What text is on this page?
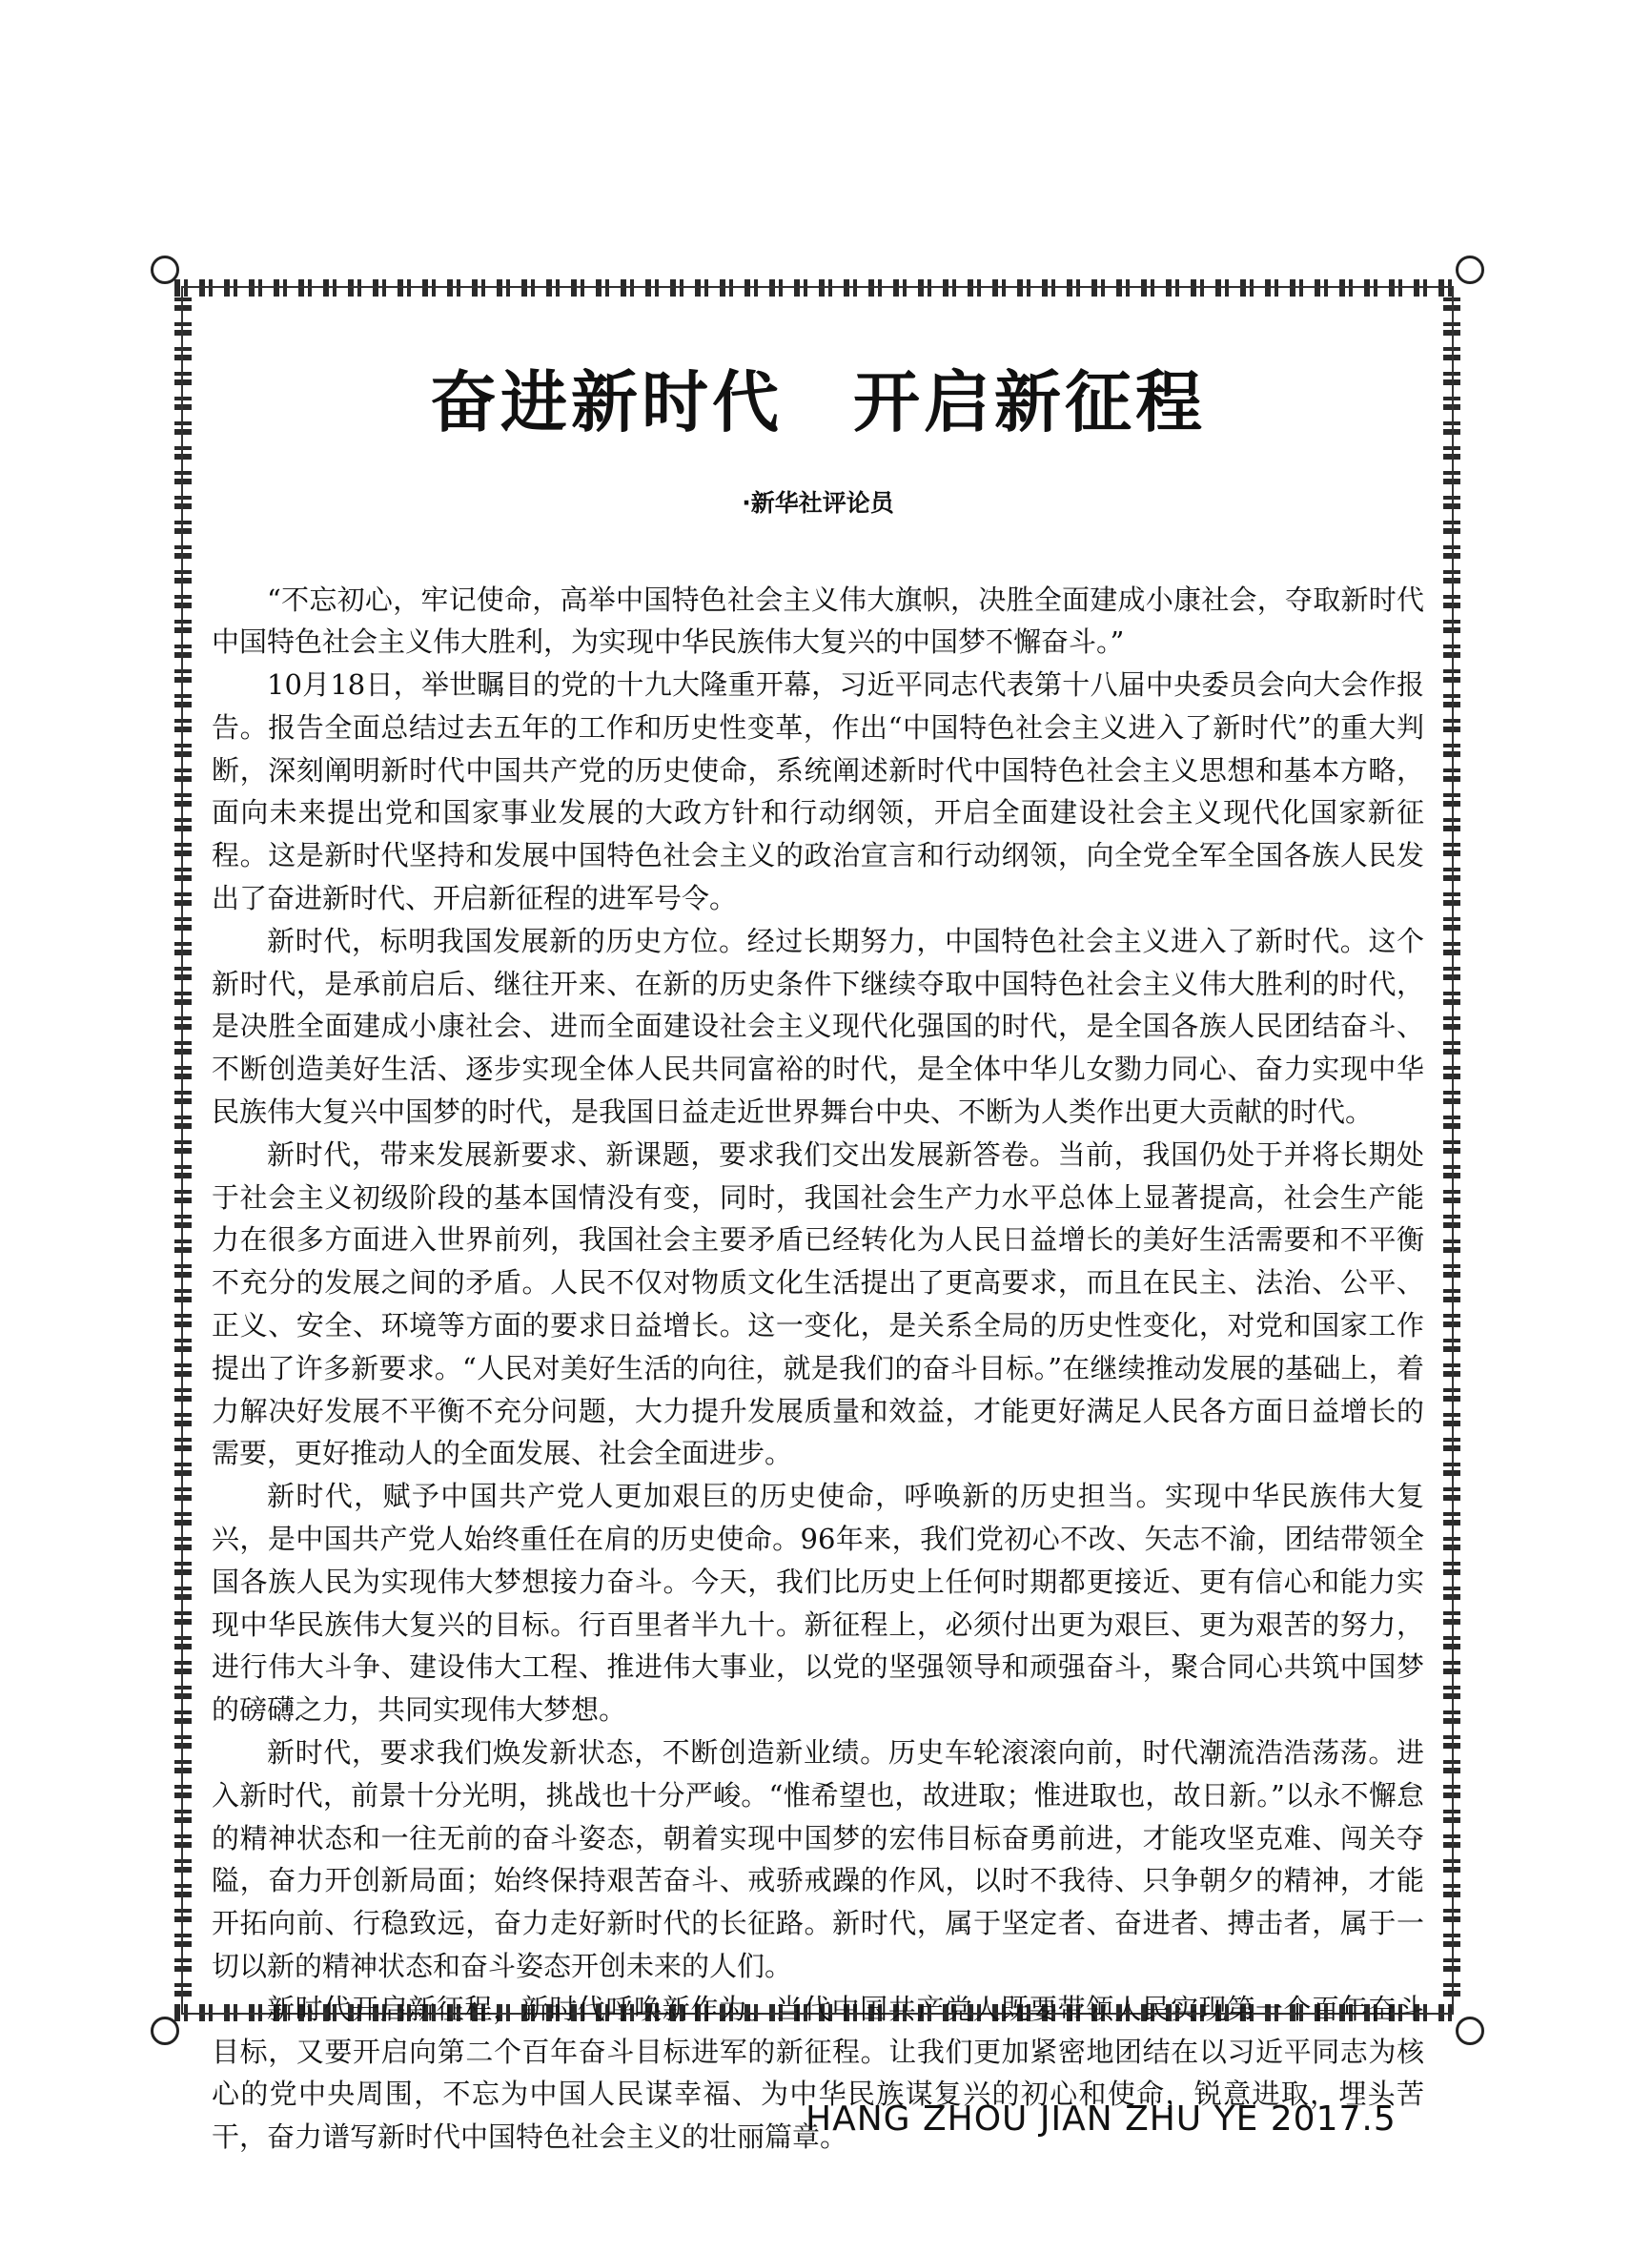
奋进新时代　开启新征程
·新华社评论员

“不忘初心，牢记使命，高举中国特色社会主义伟大旗帜，决胜全面建成小康社会，夺取新时代中国特色社会主义伟大胜利，为实现中华民族伟大复兴的中国梦不懈奋斗。”

10月18日，举世瞩目的党的十九大隆重开幕，习近平同志代表第十八届中央委员会向大会作报告。报告全面总结过去五年的工作和历史性变革，作出“中国特色社会主义进入了新时代”的重大判断，深刻阐明新时代中国共产党的历史使命，系统阐述新时代中国特色社会主义思想和基本方略，面向未来提出党和国家事业发展的大政方针和行动纲领，开启全面建设社会主义现代化国家新征程。这是新时代坚持和发展中国特色社会主义的政治宣言和行动纲领，向全党全军全国各族人民发出了奋进新时代、开启新征程的进军号令。

新时代，标明我国发展新的历史方位。经过长期努力，中国特色社会主义进入了新时代。这个新时代，是承前启后、继往开来、在新的历史条件下继续夺取中国特色社会主义伟大胜利的时代，是决胜全面建成小康社会、进而全面建设社会主义现代化强国的时代，是全国各族人民团结奋斗、不断创造美好生活、逐步实现全体人民共同富裕的时代，是全体中华儿女勠力同心、奋力实现中华民族伟大复兴中国梦的时代，是我国日益走近世界舞台中央、不断为人类作出更大贡献的时代。

新时代，带来发展新要求、新课题，要求我们交出发展新答卷。当前，我国仍处于并将长期处于社会主义初级阶段的基本国情没有变，同时，我国社会生产力水平总体上显著提高，社会生产能力在很多方面进入世界前列，我国社会主要矛盾已经转化为人民日益增长的美好生活需要和不平衡不充分的发展之间的矛盾。人民不仅对物质文化生活提出了更高要求，而且在民主、法治、公平、正义、安全、环境等方面的要求日益增长。这一变化，是关系全局的历史性变化，对党和国家工作提出了许多新要求。“人民对美好生活的向往，就是我们的奋斗目标。”在继续推动发展的基础上，着力解决好发展不平衡不充分问题，大力提升发展质量和效益，才能更好满足人民各方面日益增长的需要，更好推动人的全面发展、社会全面进步。

新时代，赋予中国共产党人更加艰巨的历史使命，呼唤新的历史担当。实现中华民族伟大复兴，是中国共产党人始终重任在肩的历史使命。96年来，我们党初心不改、矢志不渝，团结带领全国各族人民为实现伟大梦想接力奋斗。今天，我们比历史上任何时期都更接近、更有信心和能力实现中华民族伟大复兴的目标。行百里者半九十。新征程上，必须付出更为艰巨、更为艰苦的努力，进行伟大斗争、建设伟大工程、推进伟大事业，以党的坚强领导和顽强奋斗，聚合同心共筑中国梦的磅礴之力，共同实现伟大梦想。

新时代，要求我们焕发新状态，不断创造新业绩。历史车轮滚滚向前，时代潮流浩浩荡荡。进入新时代，前景十分光明，挑战也十分严峻。“惟希望也，故进取；惟进取也，故日新。”以永不懈怠的精神状态和一往无前的奋斗姿态，朝着实现中国梦的宏伟目标奋勇前进，才能攻坚克难、闯关夺隘，奋力开创新局面；始终保持艰苦奋斗、戒骄戒躁的作风，以时不我待、只争朝夕的精神，才能开拓向前、行稳致远，奋力走好新时代的长征路。新时代，属于坚定者、奋进者、搏击者，属于一切以新的精神状态和奋斗姿态开创未来的人们。

新时代开启新征程，新时代呼唤新作为。当代中国共产党人既要带领人民实现第一个百年奋斗目标，又要开启向第二个百年奋斗目标进军的新征程。让我们更加紧密地团结在以习近平同志为核心的党中央周围，不忘为中国人民谋幸福、为中华民族谋复兴的初心和使命，锐意进取，埋头苦干，奋力谱写新时代中国特色社会主义的壮丽篇章。

HANG ZHOU JIAN ZHU YE 2017.5
